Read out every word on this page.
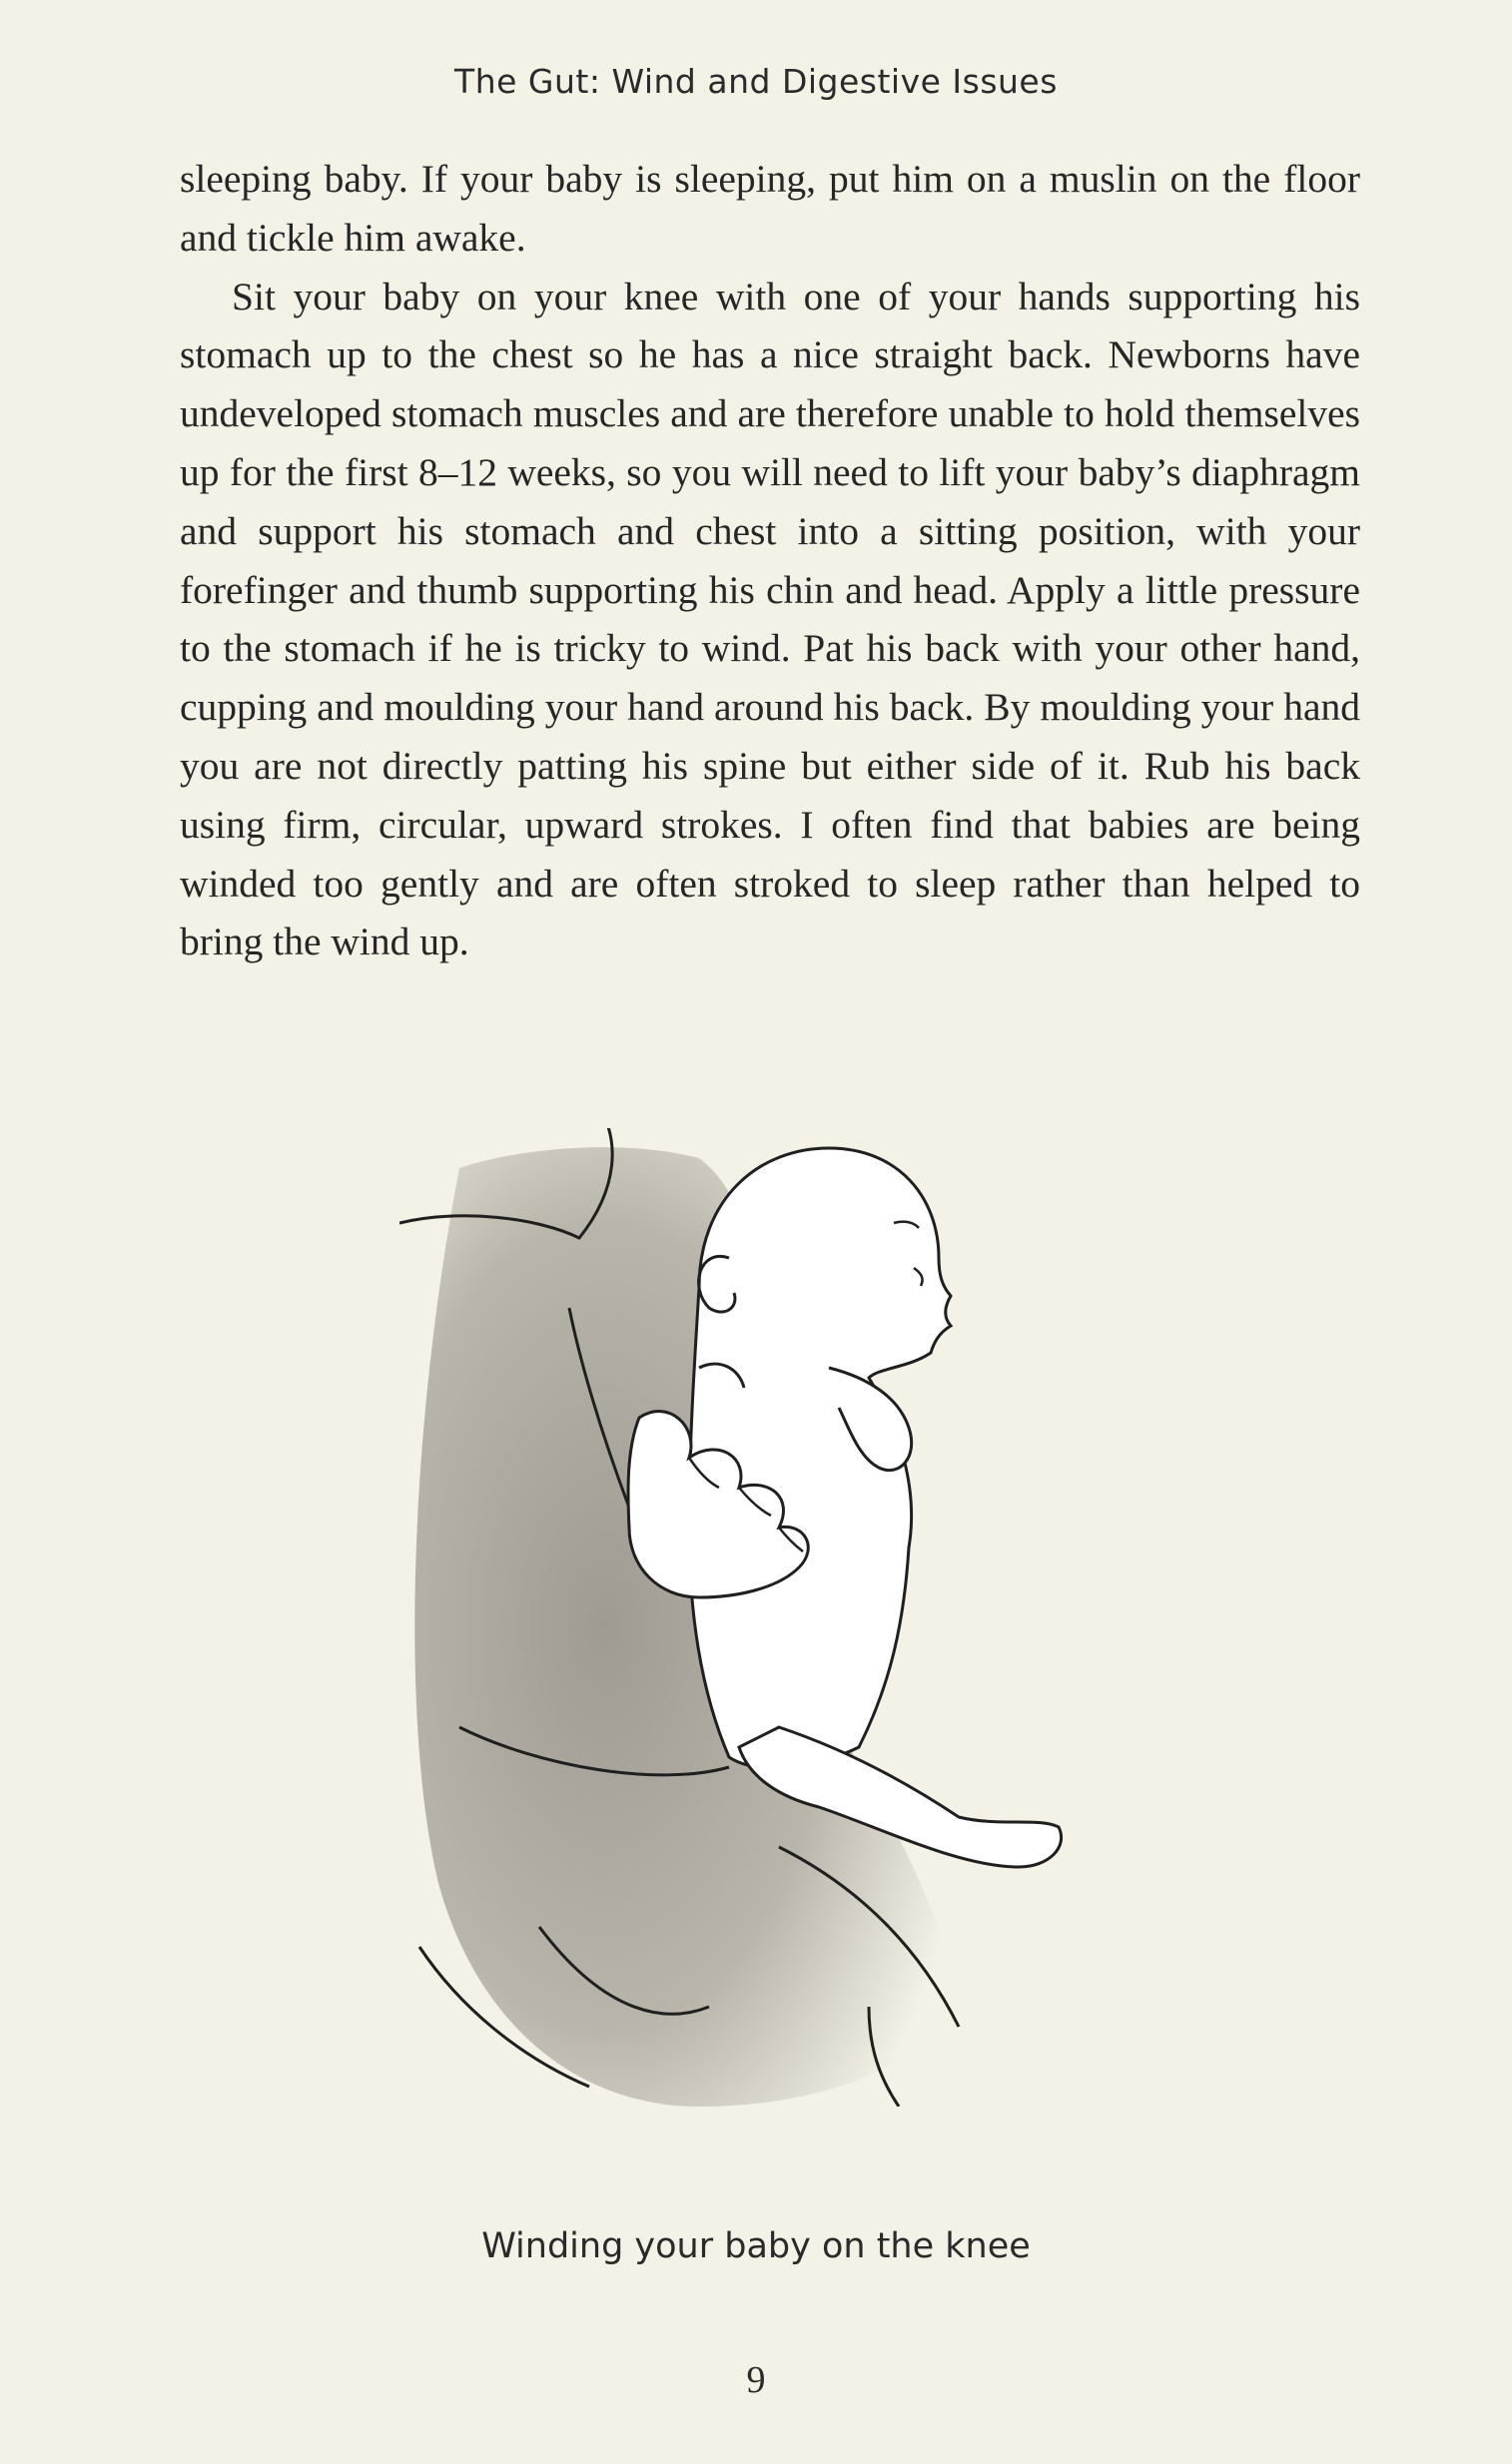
The Gut: Wind and Digestive Issues

sleeping baby. If your baby is sleeping, put him on a muslin on the floor and tickle him awake.

Sit your baby on your knee with one of your hands supporting his stomach up to the chest so he has a nice straight back. Newborns have undeveloped stomach muscles and are therefore unable to hold themselves up for the first 8–12 weeks, so you will need to lift your baby’s diaphragm and support his stomach and chest into a sitting position, with your forefinger and thumb supporting his chin and head. Apply a little pressure to the stomach if he is tricky to wind. Pat his back with your other hand, cupping and moulding your hand around his back. By moulding your hand you are not directly patting his spine but either side of it. Rub his back using firm, circular, upward strokes. I often find that babies are being winded too gently and are often stroked to sleep rather than helped to bring the wind up.

Winding your baby on the knee
9
